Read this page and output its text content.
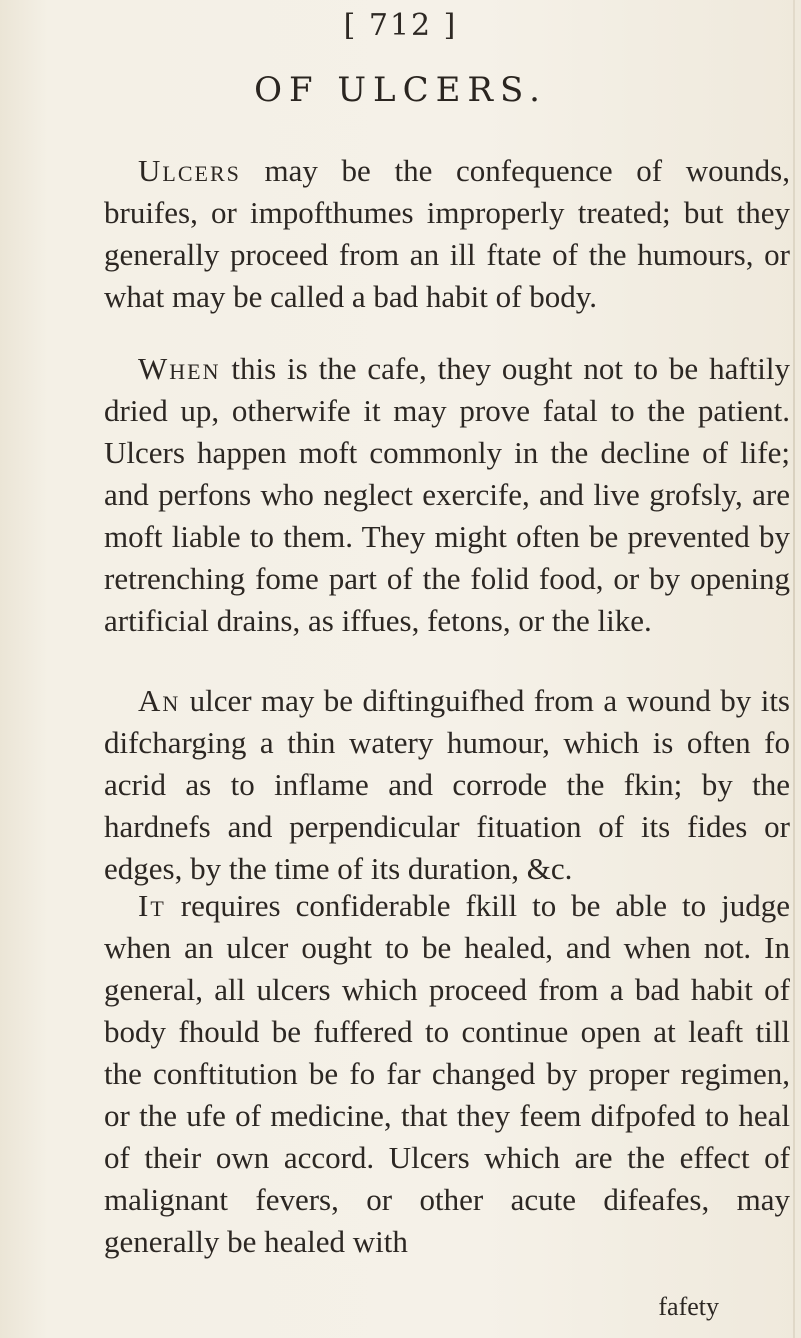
[ 712 ]
OF ULCERS.

Ulcers may be the confequence of wounds, bruifes, or impofthumes improperly treated; but they generally proceed from an ill ftate of the humours, or what may be called a bad habit of body.

When this is the cafe, they ought not to be haftily dried up, otherwife it may prove fatal to the patient. Ulcers happen moft commonly in the decline of life; and perfons who neglect exercife, and live grofsly, are moft liable to them. They might often be prevented by retrenching fome part of the folid food, or by opening artificial drains, as iffues, fetons, or the like.

An ulcer may be diftinguifhed from a wound by its difcharging a thin watery humour, which is often fo acrid as to inflame and corrode the fkin; by the hardnefs and perpendicular fituation of its fides or edges, by the time of its duration, &c.

It requires confiderable fkill to be able to judge when an ulcer ought to be healed, and when not. In general, all ulcers which proceed from a bad habit of body fhould be fuffered to continue open at leaft till the conftitution be fo far changed by proper regimen, or the ufe of medicine, that they feem difpofed to heal of their own accord. Ulcers which are the effect of malignant fevers, or other acute difeafes, may generally be healed with

fafety
